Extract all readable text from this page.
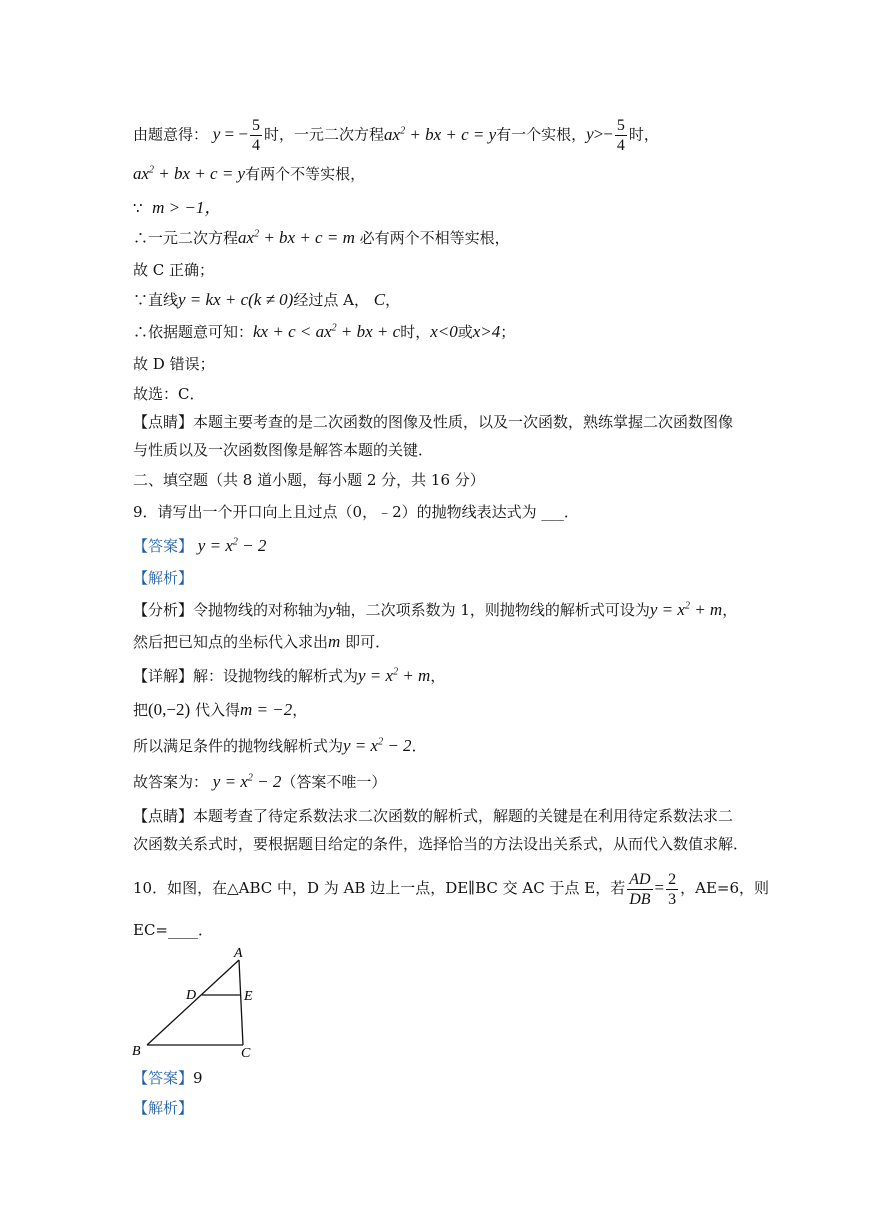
由题意得： y = − $\frac{5}{4}$ 时，一元二次方程$ax^2$ + bx + c = y有一个实根，$y>- \frac{5}{4}$ 时，
$ax^2$ + bx + c = y有两个不等实根，
∵ m > −1，
∴一元二次方程$ax^2$ + bx + c = m 必有两个不相等实根，
故 C 正确；
∵直线y = kx + c(k ≠ 0)经过点 A， C，
∴依据题意可知：kx + $c < ax^2$ + bx + c时，x<0或x>4；
故 D 错误；
故选：C．
【点睛】本题主要考查的是二次函数的图像及性质，以及一次函数，熟练掌握二次函数图像
与性质以及一次函数图像是解答本题的关键．
二、填空题（共 8 道小题，每小题 2 分，共 16 分）
9．请写出一个开口向上且过点（0，﹣2）的抛物线表达式为 ___．
【答案】 $y = x^2 - 2$
【解析】
【分析】令抛物线的对称轴为y轴，二次项系数为 1，则抛物线的解析式可设为$y = x^2 + m$，
然后把已知点的坐标代入求出m 即可．
【详解】解：设抛物线的解析式为$y = x^2 + m$，
把(0,−2) 代入得m = −2，
所以满足条件的抛物线解析式为$y = x^2 - 2$．
故答案为： $y = x^2 - 2$（答案不唯一）
【点睛】本题考查了待定系数法求二次函数的解析式，解题的关键是在利用待定系数法求二
次函数关系式时，要根据题目给定的条件，选择恰当的方法设出关系式，从而代入数值求解．
10．如图，在△ABC 中，D 为 AB 边上一点，DE∥BC 交 AC 于点 E，若 $\frac{AD}{DB} = \frac{2}{3}$ ，AE=6，则
EC=____．
A
D	E
B	C
【答案】9
【解析】
